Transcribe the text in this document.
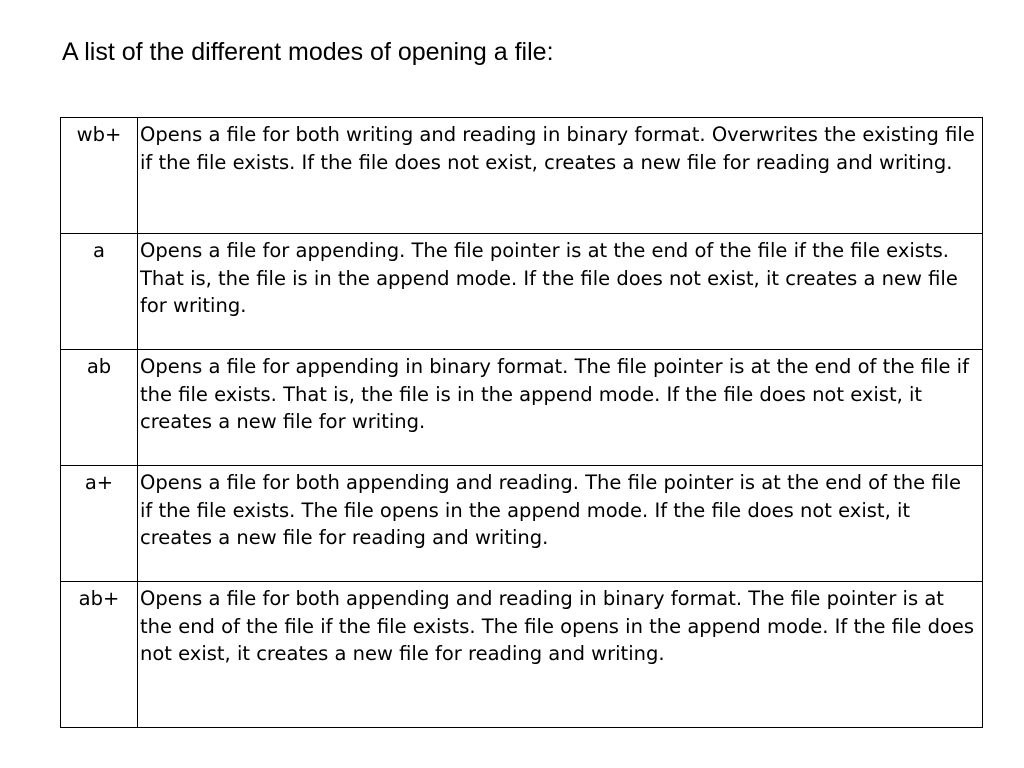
A list of the different modes of opening a file:
wb+	Opens a file for both writing and reading in binary format. Overwrites the existing file if the file exists. If the file does not exist, creates a new file for reading and writing.
a	Opens a file for appending. The file pointer is at the end of the file if the file exists. That is, the file is in the append mode. If the file does not exist, it creates a new file for writing.
ab	Opens a file for appending in binary format. The file pointer is at the end of the file if the file exists. That is, the file is in the append mode. If the file does not exist, it creates a new file for writing.
a+	Opens a file for both appending and reading. The file pointer is at the end of the file if the file exists. The file opens in the append mode. If the file does not exist, it creates a new file for reading and writing.
ab+	Opens a file for both appending and reading in binary format. The file pointer is at the end of the file if the file exists. The file opens in the append mode. If the file does not exist, it creates a new file for reading and writing.
